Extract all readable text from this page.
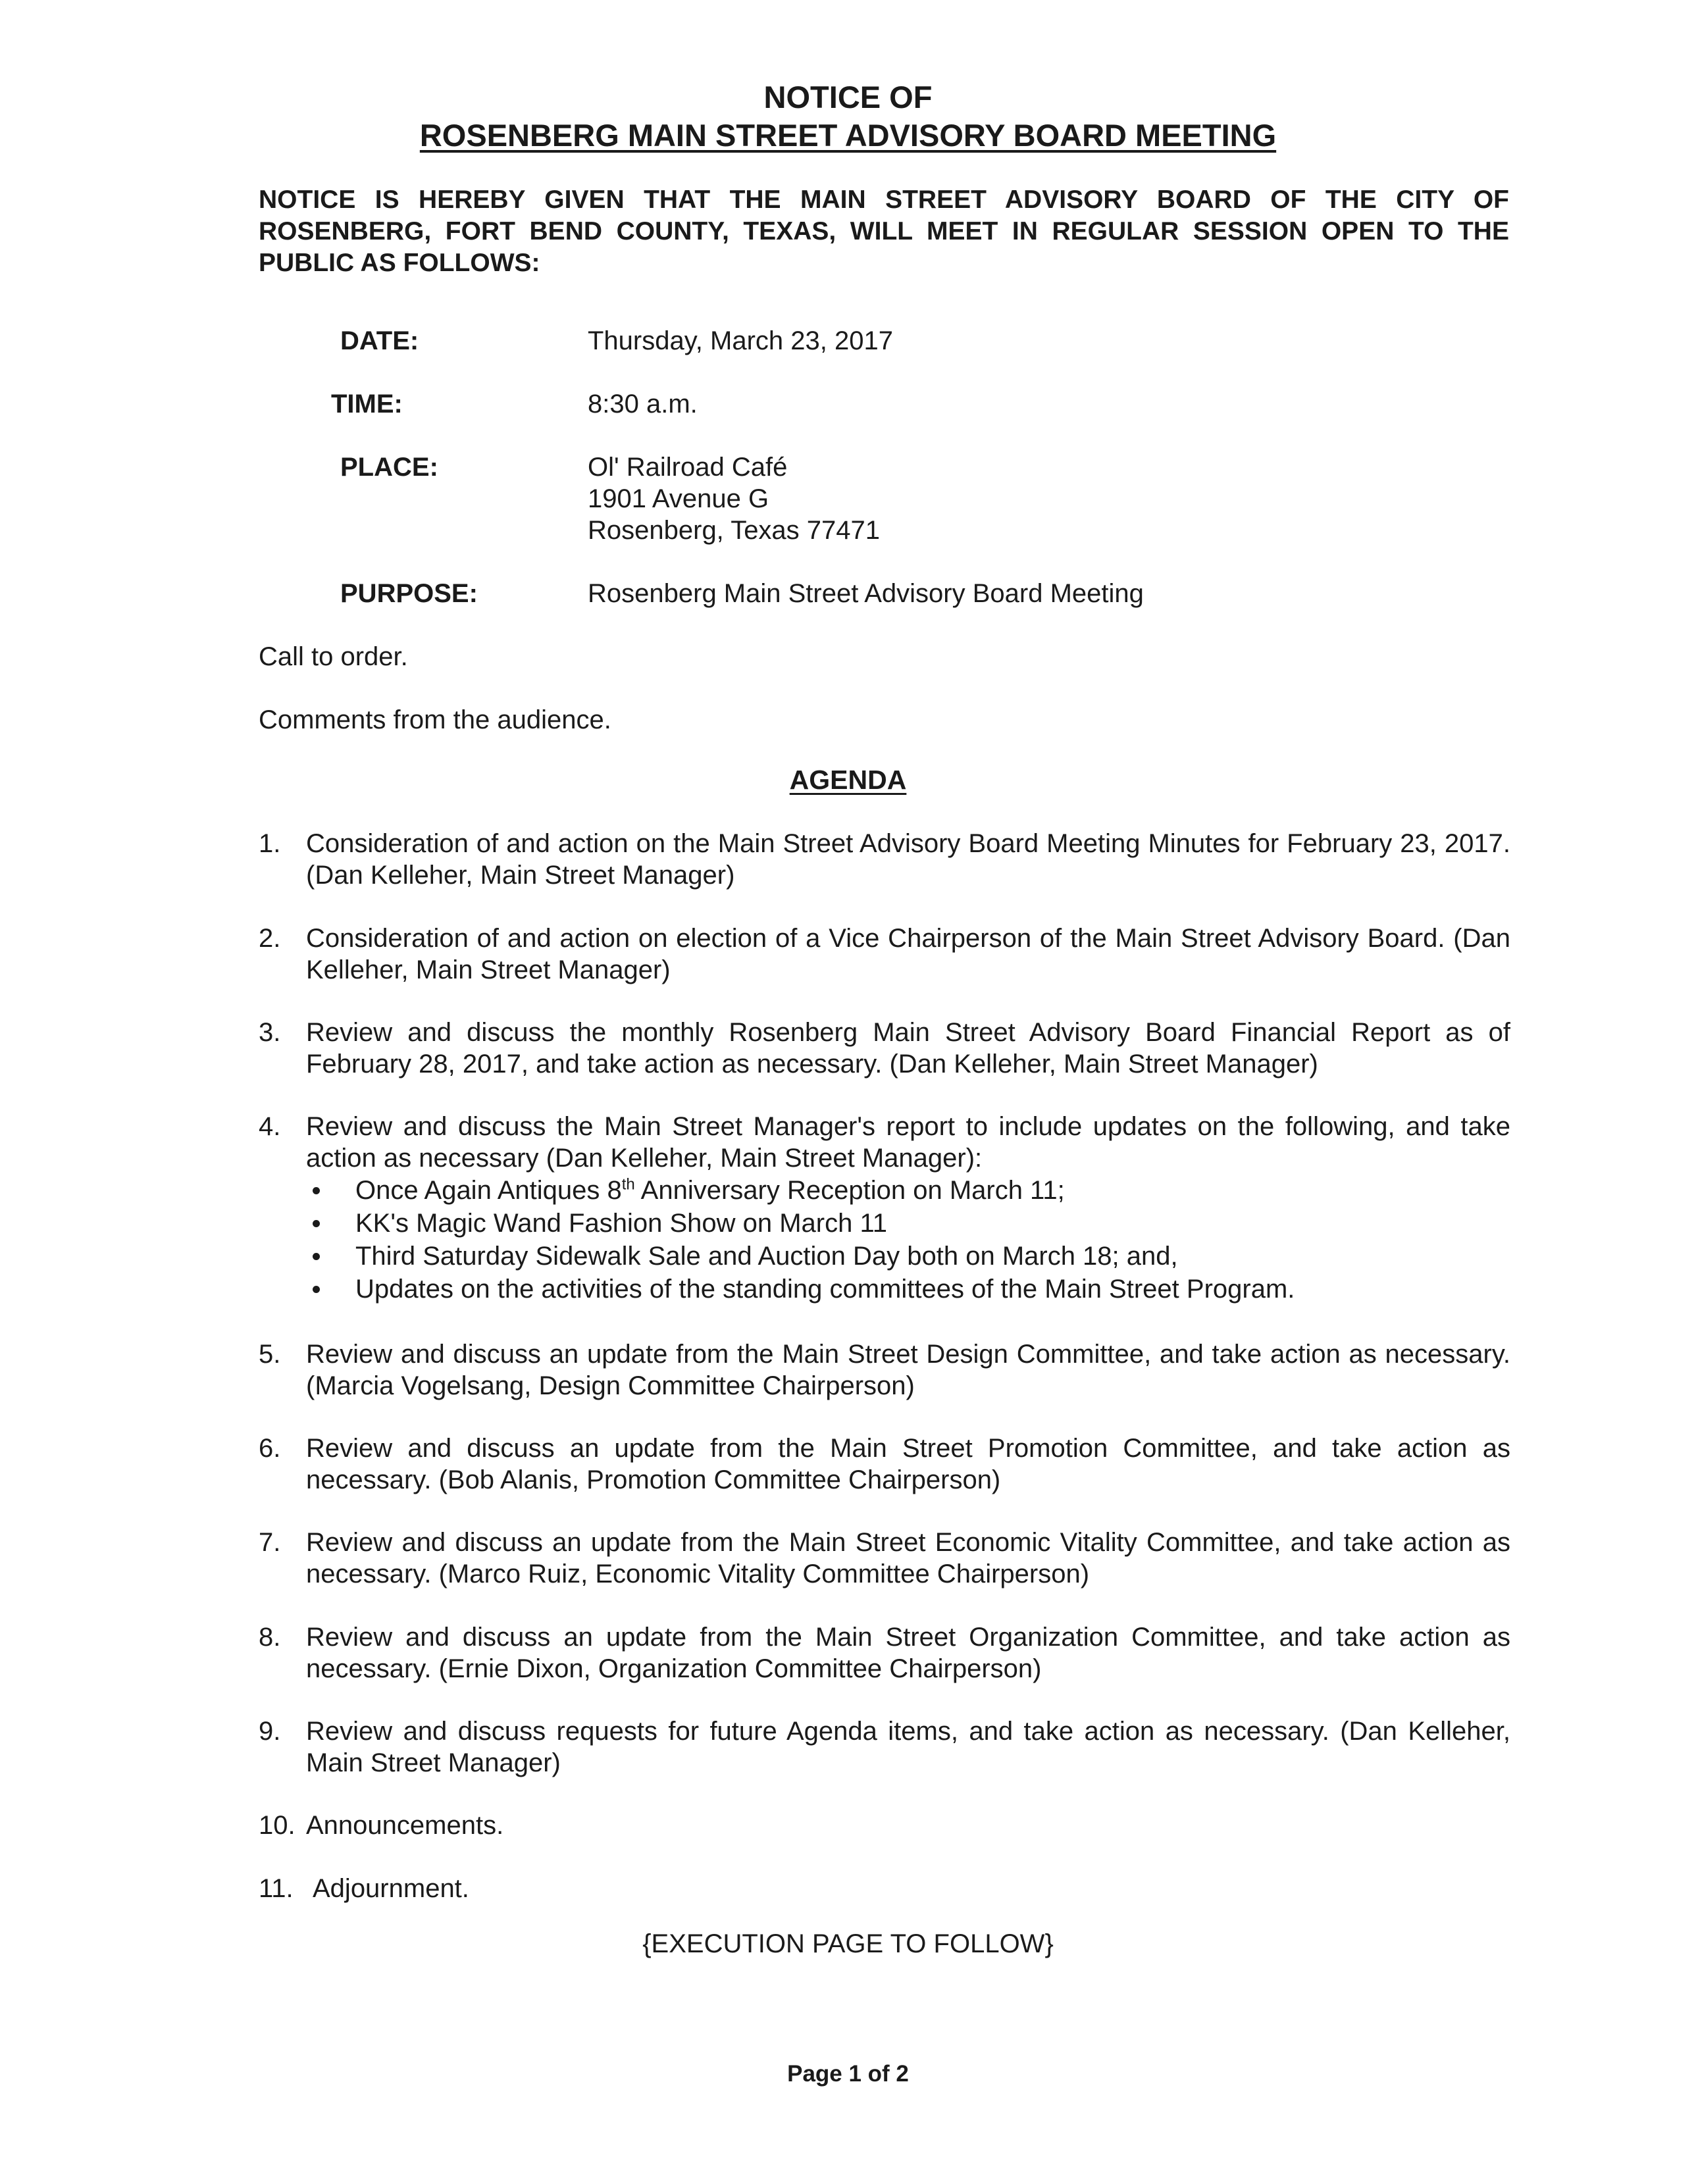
NOTICE OF
ROSENBERG MAIN STREET ADVISORY BOARD MEETING
NOTICE IS HEREBY GIVEN THAT THE MAIN STREET ADVISORY BOARD OF THE CITY OF ROSENBERG, FORT BEND COUNTY, TEXAS, WILL MEET IN REGULAR SESSION OPEN TO THE PUBLIC AS FOLLOWS:
DATE:	Thursday, March 23, 2017
TIME:	8:30 a.m.
PLACE:	Ol' Railroad Café
1901 Avenue G
Rosenberg, Texas 77471
PURPOSE:	Rosenberg Main Street Advisory Board Meeting
Call to order.
Comments from the audience.
AGENDA
1. Consideration of and action on the Main Street Advisory Board Meeting Minutes for February 23, 2017. (Dan Kelleher, Main Street Manager)
2. Consideration of and action on election of a Vice Chairperson of the Main Street Advisory Board. (Dan Kelleher, Main Street Manager)
3. Review and discuss the monthly Rosenberg Main Street Advisory Board Financial Report as of February 28, 2017, and take action as necessary. (Dan Kelleher, Main Street Manager)
4. Review and discuss the Main Street Manager's report to include updates on the following, and take action as necessary (Dan Kelleher, Main Street Manager):
Once Again Antiques 8th Anniversary Reception on March 11;
KK's Magic Wand Fashion Show on March 11
Third Saturday Sidewalk Sale and Auction Day both on March 18; and,
Updates on the activities of the standing committees of the Main Street Program.
5. Review and discuss an update from the Main Street Design Committee, and take action as necessary. (Marcia Vogelsang, Design Committee Chairperson)
6. Review and discuss an update from the Main Street Promotion Committee, and take action as necessary. (Bob Alanis, Promotion Committee Chairperson)
7. Review and discuss an update from the Main Street Economic Vitality Committee, and take action as necessary. (Marco Ruiz, Economic Vitality Committee Chairperson)
8. Review and discuss an update from the Main Street Organization Committee, and take action as necessary. (Ernie Dixon, Organization Committee Chairperson)
9. Review and discuss requests for future Agenda items, and take action as necessary. (Dan Kelleher, Main Street Manager)
10. Announcements.
11. Adjournment.
{EXECUTION PAGE TO FOLLOW}
Page 1 of 2
